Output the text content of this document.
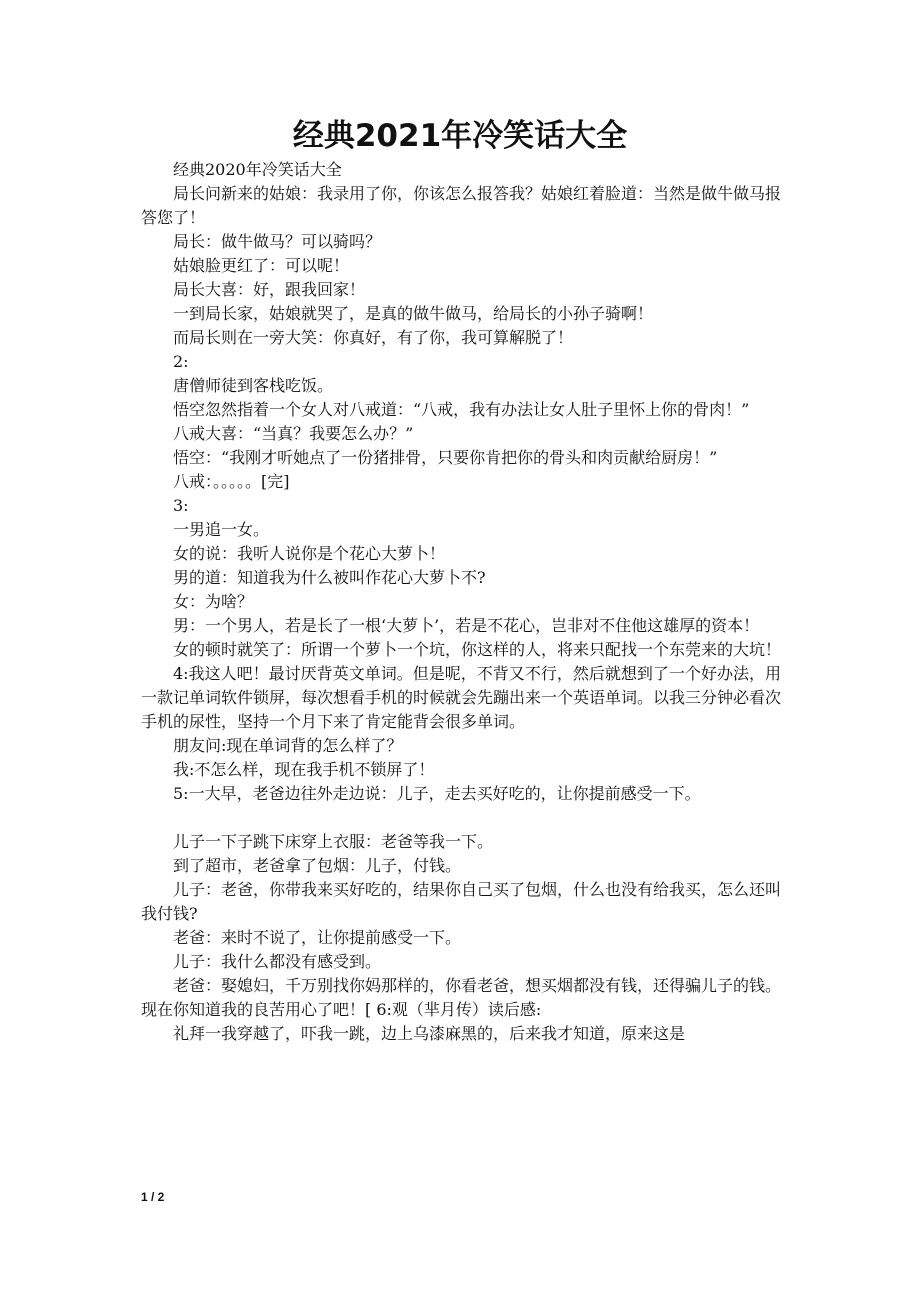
经典2021年冷笑话大全

经典2020年冷笑话大全

局长问新来的姑娘：我录用了你，你该怎么报答我？姑娘红着脸道：当然是做牛做马报答您了！

局长：做牛做马？可以骑吗？

姑娘脸更红了：可以呢！

局长大喜：好，跟我回家！

一到局长家，姑娘就哭了，是真的做牛做马，给局长的小孙子骑啊！

而局长则在一旁大笑：你真好，有了你，我可算解脱了！

2:

唐僧师徒到客栈吃饭。

悟空忽然指着一个女人对八戒道：“八戒，我有办法让女人肚子里怀上你的骨肉！”

八戒大喜：“当真？我要怎么办？”

悟空：“我刚才听她点了一份猪排骨，只要你肯把你的骨头和肉贡献给厨房！”

八戒：。。。。。[完]

3:

一男追一女。

女的说：我听人说你是个花心大萝卜！

男的道：知道我为什么被叫作花心大萝卜不?

女：为啥？

男：一个男人，若是长了一根‘大萝卜’，若是不花心，岂非对不住他这雄厚的资本！

女的顿时就笑了：所谓一个萝卜一个坑，你这样的人，将来只配找一个东莞来的大坑！

4:我这人吧！最讨厌背英文单词。但是呢，不背又不行，然后就想到了一个好办法，用一款记单词软件锁屏，每次想看手机的时候就会先蹦出来一个英语单词。以我三分钟必看次手机的尿性，坚持一个月下来了肯定能背会很多单词。

朋友问:现在单词背的怎么样了？

我:不怎么样，现在我手机不锁屏了！

5:一大早，老爸边往外走边说：儿子，走去买好吃的，让你提前感受一下。

儿子一下子跳下床穿上衣服：老爸等我一下。

到了超市，老爸拿了包烟：儿子，付钱。

儿子：老爸，你带我来买好吃的，结果你自己买了包烟，什么也没有给我买，怎么还叫我付钱?

老爸：来时不说了，让你提前感受一下。

儿子：我什么都没有感受到。

老爸：娶媳妇，千万别找你妈那样的，你看老爸，想买烟都没有钱，还得骗儿子的钱。现在你知道我的良苦用心了吧！[ 6:观（芈月传）读后感:

礼拜一我穿越了，吓我一跳，边上乌漆麻黑的，后来我才知道，原来这是

1 / 2
